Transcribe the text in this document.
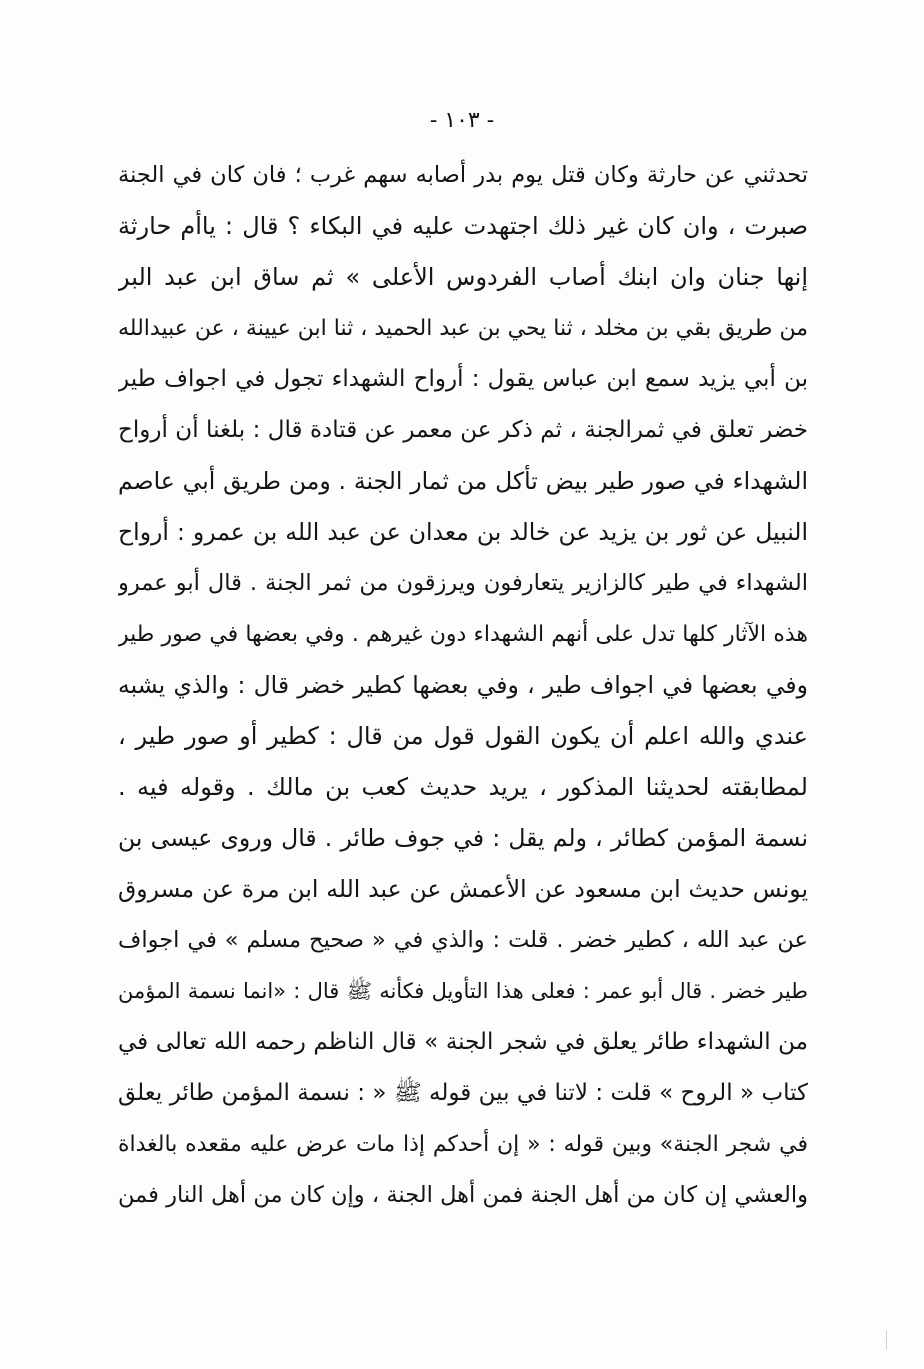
- ١٠٣ -
تحدثني عن حارثة وكان قتل يوم بدر أصابه سهم غرب ؛ فان كان في الجنة
صبرت ، وان كان غير ذلك اجتهدت عليه في البكاء ؟ قال : ياأم حارثة
إنها جنان وان ابنك أصاب الفردوس الأعلى » ثم ساق ابن عبد البر
من طريق بقي بن مخلد ، ثنا يحي بن عبد الحميد ، ثنا ابن عيينة ، عن عبيدالله
بن أبي يزيد سمع ابن عباس يقول : أرواح الشهداء تجول في اجواف طير
خضر تعلق في ثمرالجنة ، ثم ذكر عن معمر عن قتادة قال : بلغنا أن أرواح
الشهداء في صور طير بيض تأكل من ثمار الجنة . ومن طريق أبي عاصم
النبيل عن ثور بن يزيد عن خالد بن معدان عن عبد الله بن عمرو : أرواح
الشهداء في طير كالزازير يتعارفون ويرزقون من ثمر الجنة . قال أبو عمرو
هذه الآثار كلها تدل على أنهم الشهداء دون غيرهم . وفي بعضها في صور طير
وفي بعضها في اجواف طير ، وفي بعضها كطير خضر قال : والذي يشبه
عندي والله اعلم أن يكون القول قول من قال : كطير أو صور طير ،
لمطابقته لحديثنا المذكور ، يريد حديث كعب بن مالك . وقوله فيه .
نسمة المؤمن كطائر ، ولم يقل : في جوف طائر . قال وروى عيسى بن
يونس حديث ابن مسعود عن الأعمش عن عبد الله ابن مرة عن مسروق
عن عبد الله ، كطير خضر . قلت : والذي في « صحيح مسلم » في اجواف
طير خضر . قال أبو عمر : فعلى هذا التأويل فكأنه ﷺ قال : «انما نسمة المؤمن
من الشهداء طائر يعلق في شجر الجنة » قال الناظم رحمه الله تعالى في
كتاب « الروح » قلت : لاتنا في بين قوله ﷺ « : نسمة المؤمن طائر يعلق
في شجر الجنة» وبين قوله : « إن أحدكم إذا مات عرض عليه مقعده بالغداة
والعشي إن كان من أهل الجنة فمن أهل الجنة ، وإن كان من أهل النار فمن
